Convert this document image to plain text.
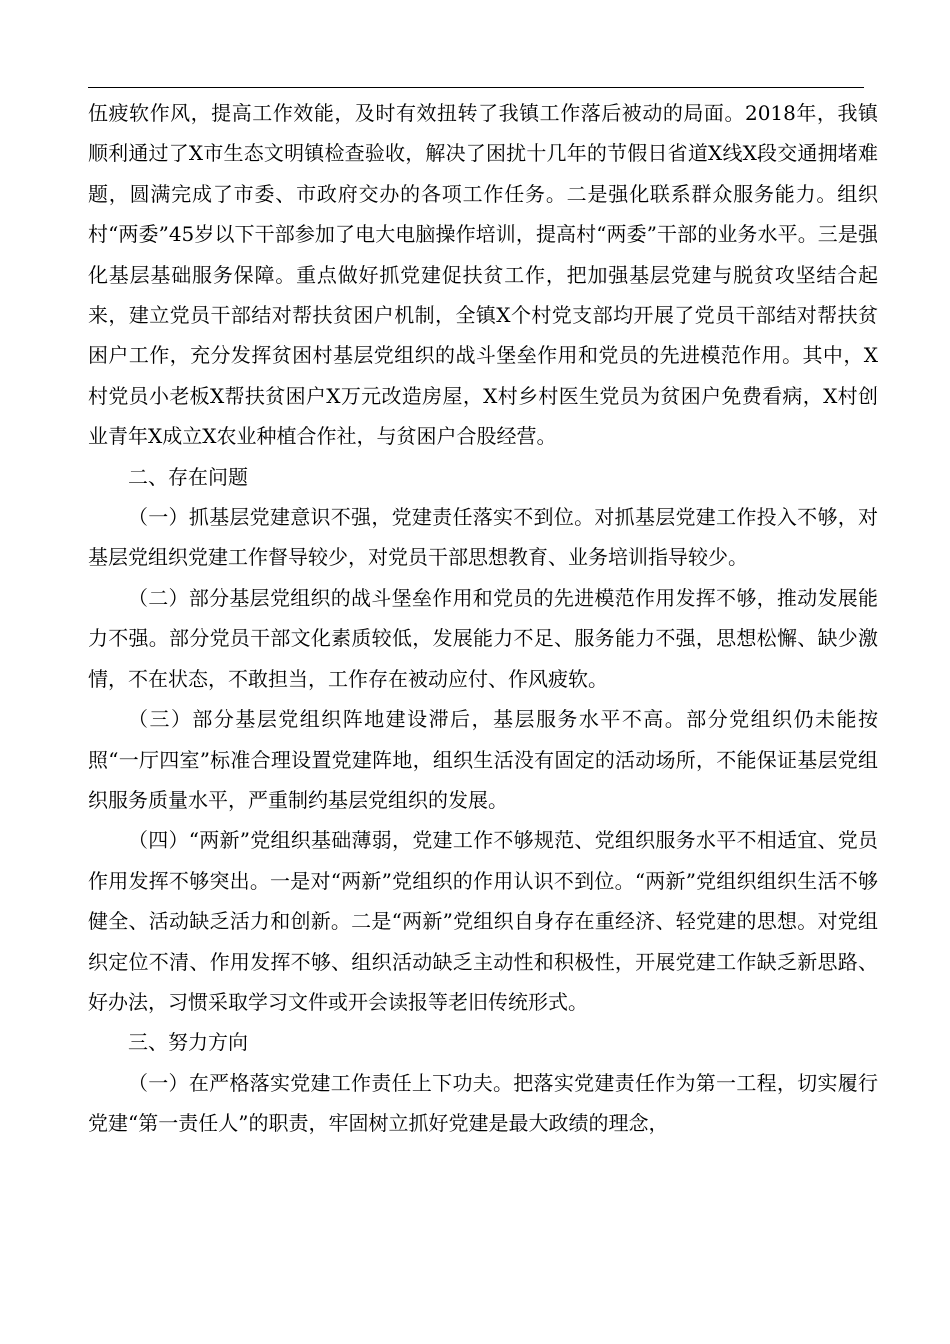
伍疲软作风，提高工作效能，及时有效扭转了我镇工作落后被动的局面。2018年，我镇顺利通过了X市生态文明镇检查验收，解决了困扰十几年的节假日省道X线X段交通拥堵难题，圆满完成了市委、市政府交办的各项工作任务。二是强化联系群众服务能力。组织村“两委”45岁以下干部参加了电大电脑操作培训，提高村“两委”干部的业务水平。三是强化基层基础服务保障。重点做好抓党建促扶贫工作，把加强基层党建与脱贫攻坚结合起来，建立党员干部结对帮扶贫困户机制，全镇X个村党支部均开展了党员干部结对帮扶贫困户工作，充分发挥贫困村基层党组织的战斗堡垒作用和党员的先进模范作用。其中，X村党员小老板X帮扶贫困户X万元改造房屋，X村乡村医生党员为贫困户免费看病，X村创业青年X成立X农业种植合作社，与贫困户合股经营。

二、存在问题

（一）抓基层党建意识不强，党建责任落实不到位。对抓基层党建工作投入不够，对基层党组织党建工作督导较少，对党员干部思想教育、业务培训指导较少。

（二）部分基层党组织的战斗堡垒作用和党员的先进模范作用发挥不够，推动发展能力不强。部分党员干部文化素质较低，发展能力不足、服务能力不强，思想松懈、缺少激情，不在状态，不敢担当，工作存在被动应付、作风疲软。

（三）部分基层党组织阵地建设滞后，基层服务水平不高。部分党组织仍未能按照“一厅四室”标准合理设置党建阵地，组织生活没有固定的活动场所，不能保证基层党组织服务质量水平，严重制约基层党组织的发展。

（四）“两新”党组织基础薄弱，党建工作不够规范、党组织服务水平不相适宜、党员作用发挥不够突出。一是对“两新”党组织的作用认识不到位。“两新”党组织组织生活不够健全、活动缺乏活力和创新。二是“两新”党组织自身存在重经济、轻党建的思想。对党组织定位不清、作用发挥不够、组织活动缺乏主动性和积极性，开展党建工作缺乏新思路、好办法，习惯采取学习文件或开会读报等老旧传统形式。

三、努力方向

（一）在严格落实党建工作责任上下功夫。把落实党建责任作为第一工程，切实履行党建“第一责任人”的职责，牢固树立抓好党建是最大政绩的理念，
